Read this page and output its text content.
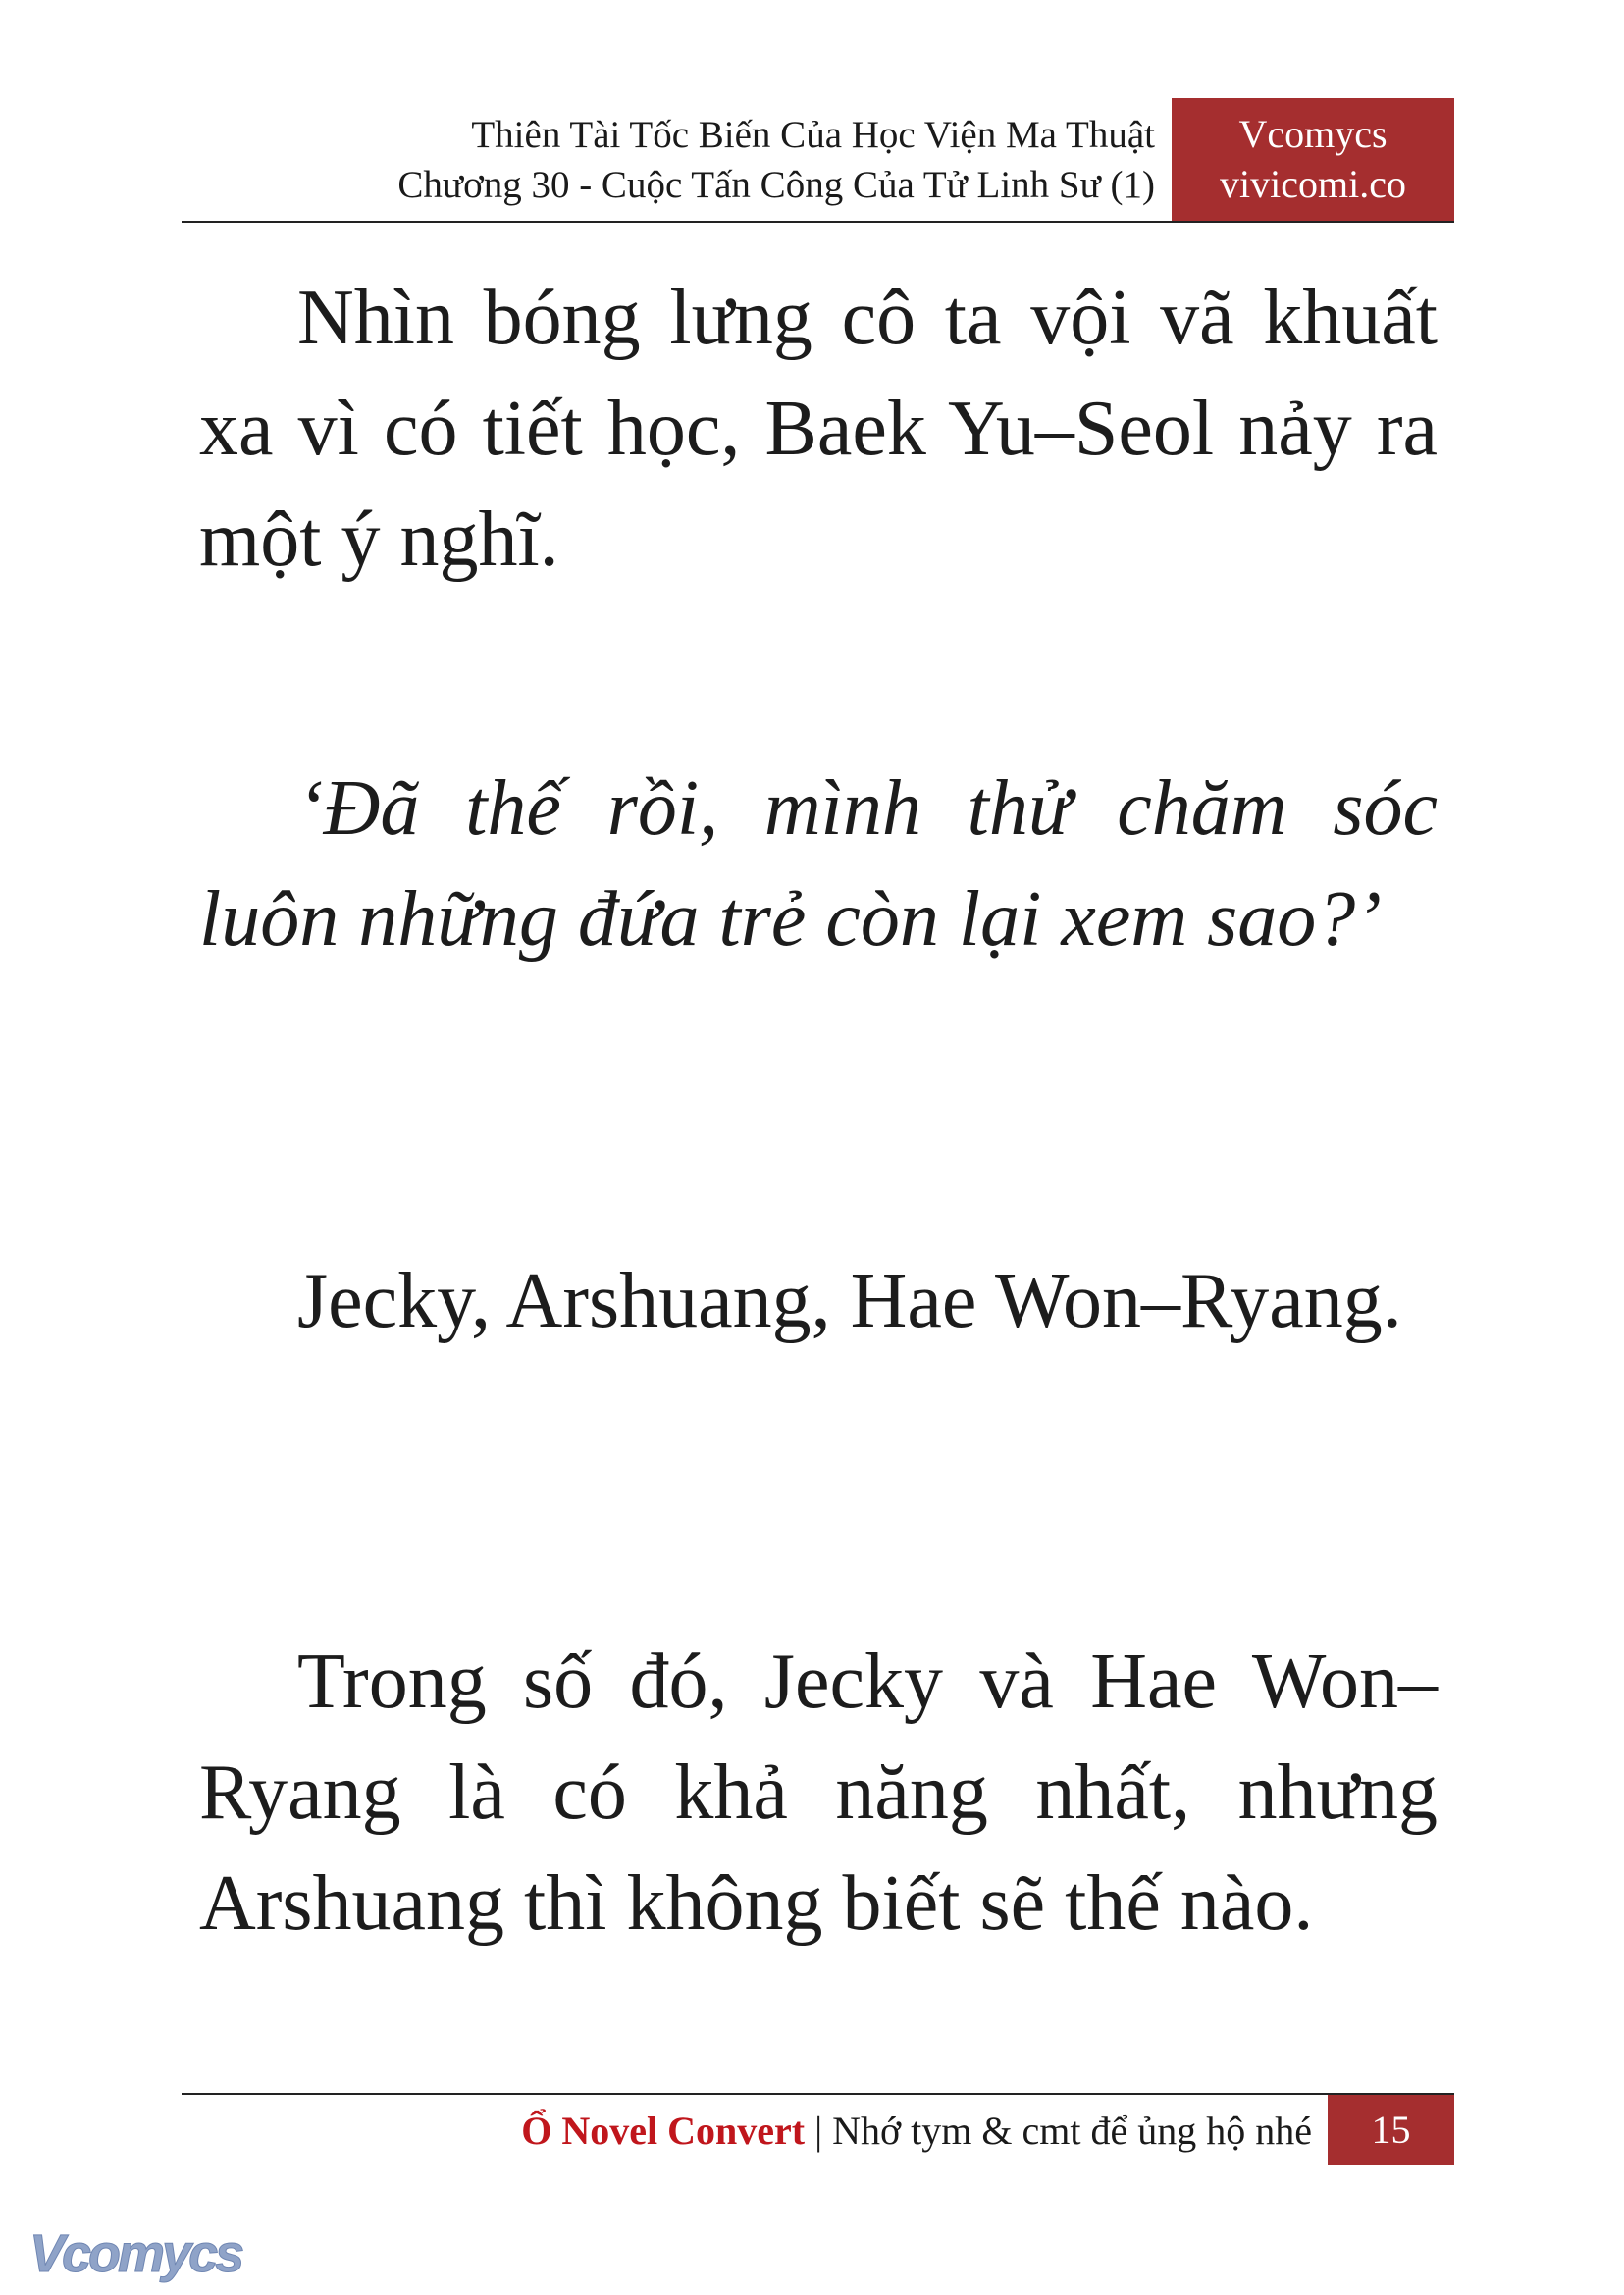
Thiên Tài Tốc Biến Của Học Viện Ma Thuật
Chương 30 - Cuộc Tấn Công Của Tử Linh Sư (1)
Vcomycs
vivicomi.co

Nhìn bóng lưng cô ta vội vã khuất xa vì có tiết học, Baek Yu–Seol nảy ra một ý nghĩ.

‘Đã thế rồi, mình thử chăm sóc luôn những đứa trẻ còn lại xem sao?’

Jecky, Arshuang, Hae Won–Ryang.

Trong số đó, Jecky và Hae Won–Ryang là có khả năng nhất, nhưng Arshuang thì không biết sẽ thế nào.

Ổ Novel Convert | Nhớ tym & cmt để ủng hộ nhé	15
Vcomycs
